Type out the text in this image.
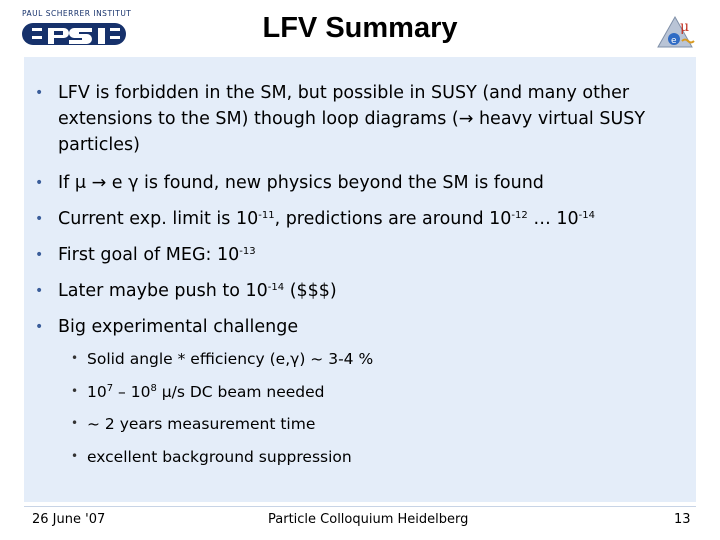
PAUL SCHERRER INSTITUT	LFV Summary	e
μ
• LFV is forbidden in the SM, but possible in SUSY (and many other extensions to the SM) though loop diagrams (→ heavy virtual SUSY particles)
• If μ → e γ is found, new physics beyond the SM is found
• Current exp. limit is $10^{-11}$, predictions are around $10^{-12}$ … $10^{-14}$
• First goal of MEG: $10^{-13}$
• Later maybe push to $10^{-14}$ ($$$)
• Big experimental challenge
• Solid angle * efficiency (e,γ) ~ 3-4 %
• $10^7 - 10^8$ μ/s DC beam needed
• ~ 2 years measurement time
• excellent background suppression
26 June '07	Particle Colloquium Heidelberg	13
